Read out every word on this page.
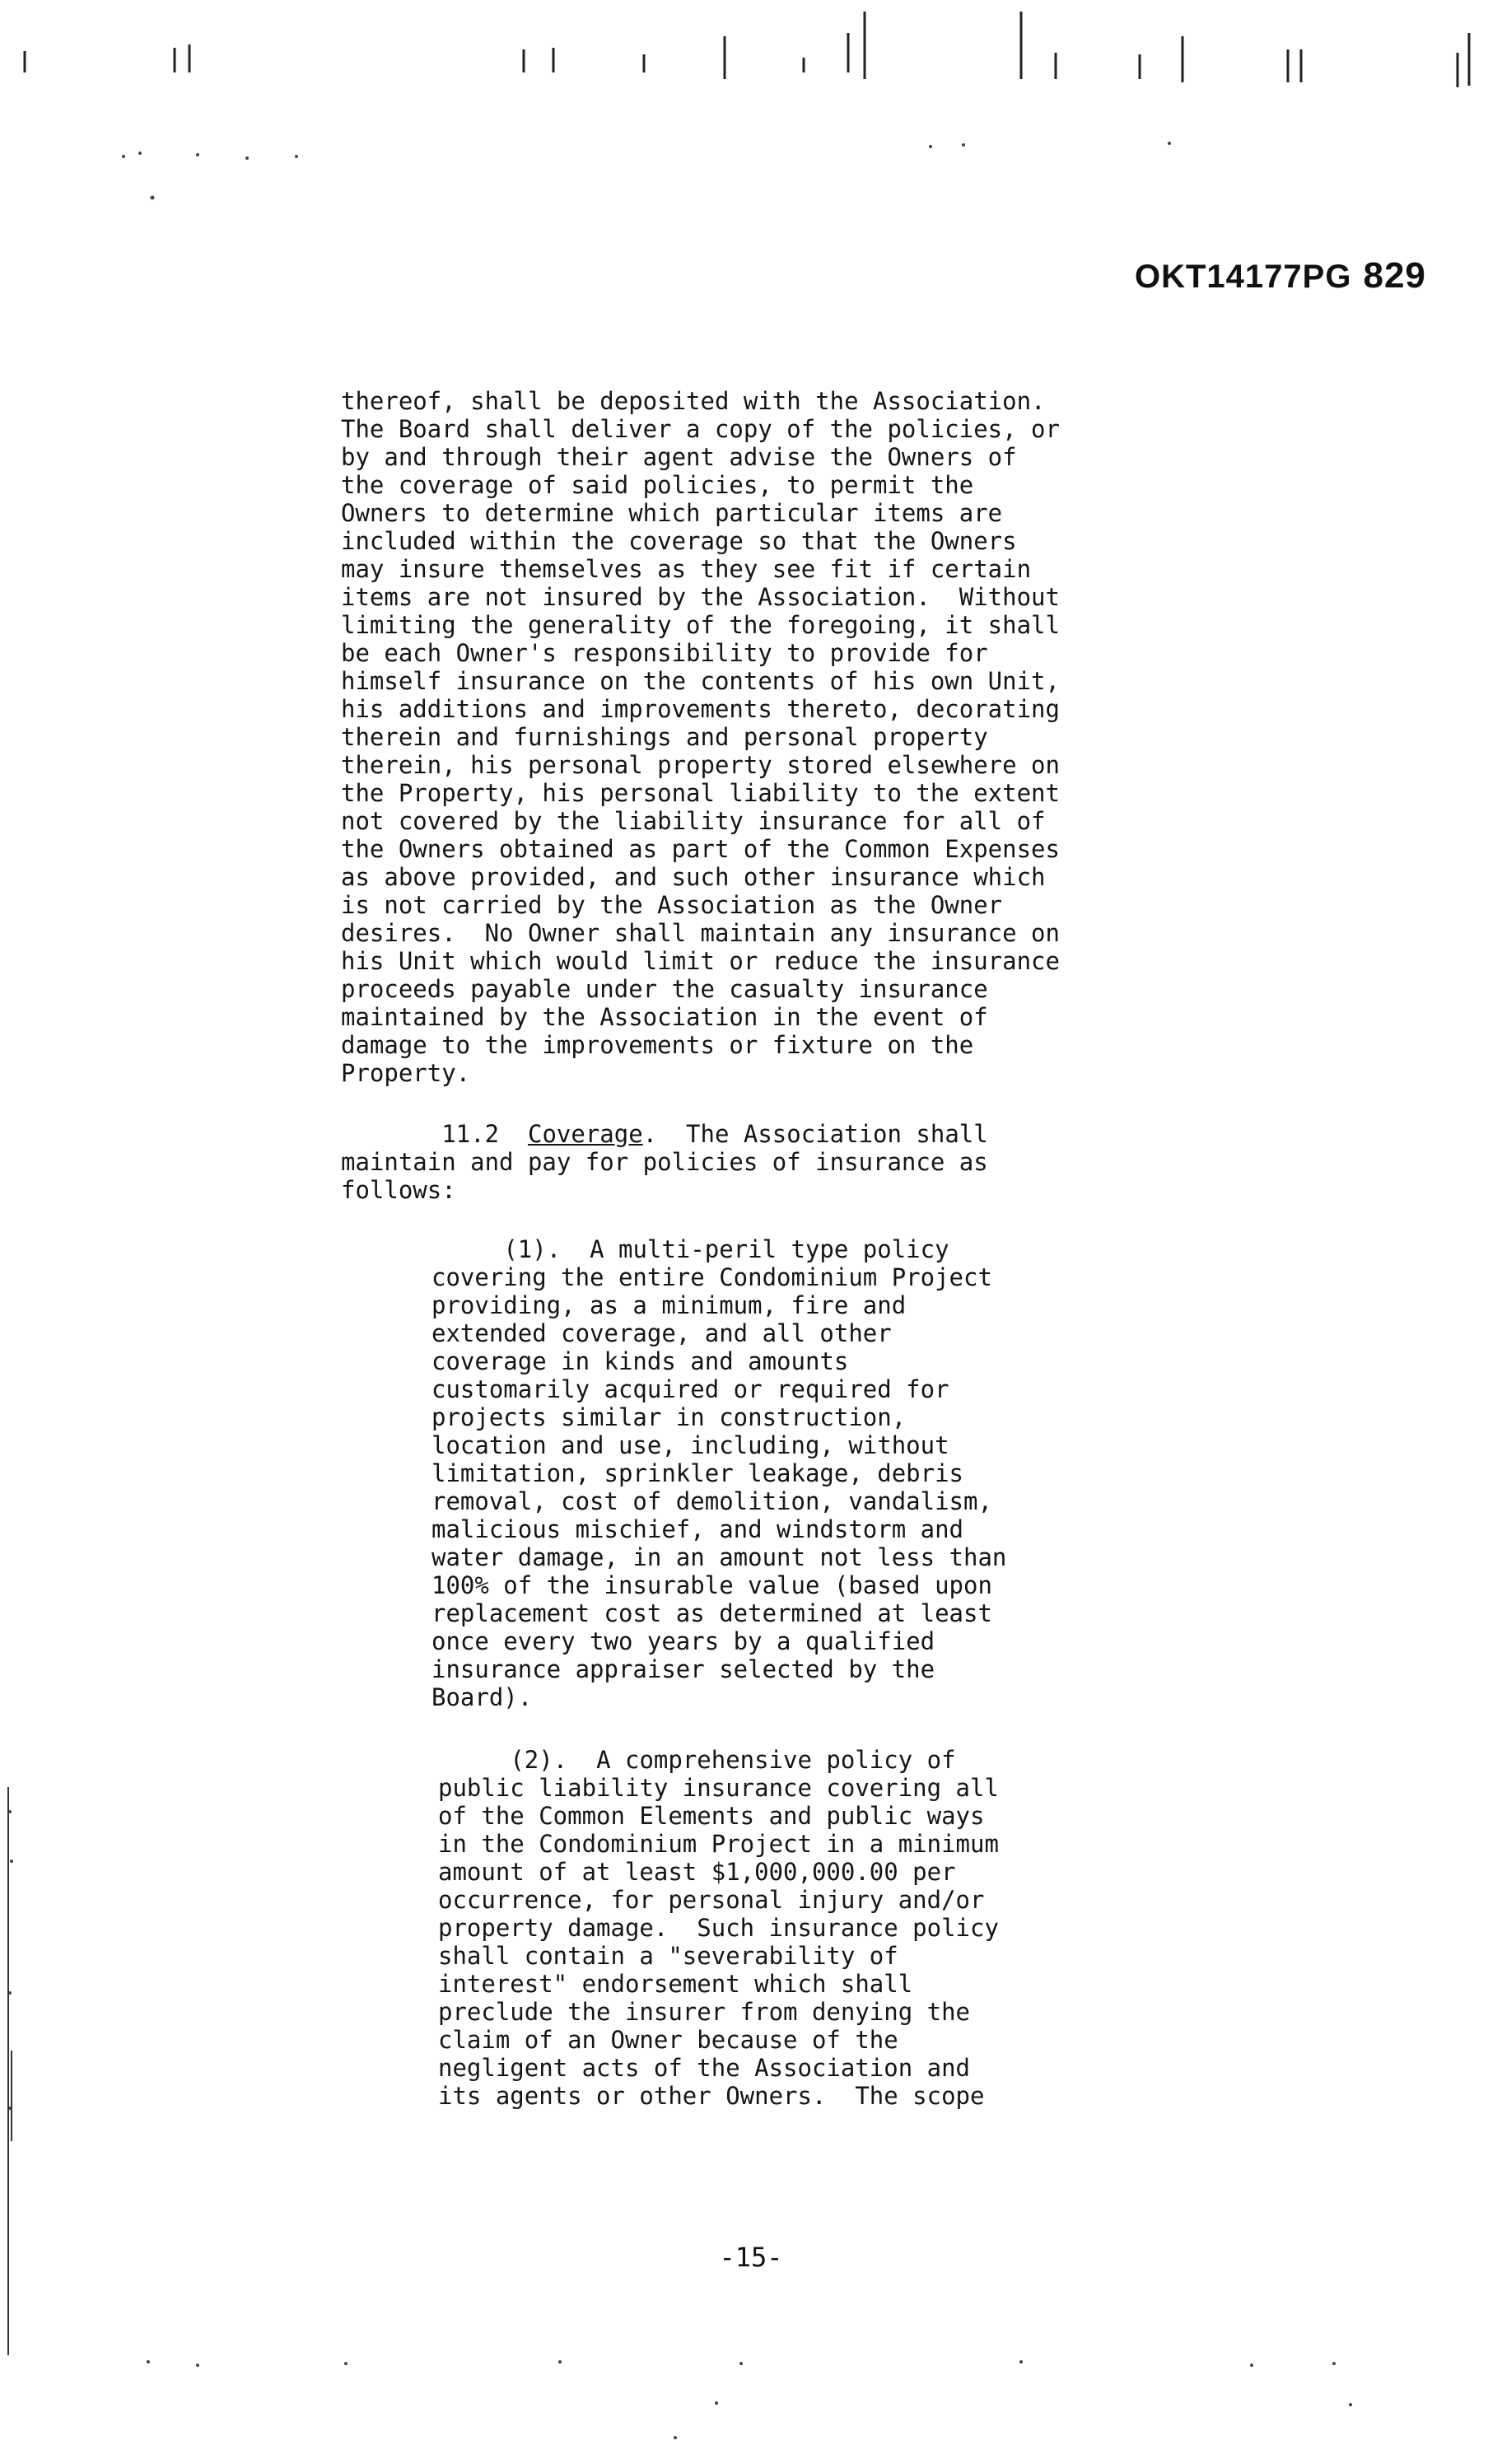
OKT14177PG 829
thereof, shall be deposited with the Association.
The Board shall deliver a copy of the policies, or
by and through their agent advise the Owners of
the coverage of said policies, to permit the
Owners to determine which particular items are
included within the coverage so that the Owners
may insure themselves as they see fit if certain
items are not insured by the Association.  Without
limiting the generality of the foregoing, it shall
be each Owner's responsibility to provide for
himself insurance on the contents of his own Unit,
his additions and improvements thereto, decorating
therein and furnishings and personal property
therein, his personal property stored elsewhere on
the Property, his personal liability to the extent
not covered by the liability insurance for all of
the Owners obtained as part of the Common Expenses
as above provided, and such other insurance which
is not carried by the Association as the Owner
desires.  No Owner shall maintain any insurance on
his Unit which would limit or reduce the insurance
proceeds payable under the casualty insurance
maintained by the Association in the event of
damage to the improvements or fixture on the
Property.
11.2 Coverage.  The Association shall
maintain and pay for policies of insurance as
follows:
(1).  A multi-peril type policy
covering the entire Condominium Project
providing, as a minimum, fire and
extended coverage, and all other
coverage in kinds and amounts
customarily acquired or required for
projects similar in construction,
location and use, including, without
limitation, sprinkler leakage, debris
removal, cost of demolition, vandalism,
malicious mischief, and windstorm and
water damage, in an amount not less than
100% of the insurable value (based upon
replacement cost as determined at least
once every two years by a qualified
insurance appraiser selected by the
Board).
(2).  A comprehensive policy of
public liability insurance covering all
of the Common Elements and public ways
in the Condominium Project in a minimum
amount of at least $1,000,000.00 per
occurrence, for personal injury and/or
property damage.  Such insurance policy
shall contain a "severability of
interest" endorsement which shall
preclude the insurer from denying the
claim of an Owner because of the
negligent acts of the Association and
its agents or other Owners.  The scope
-15-
